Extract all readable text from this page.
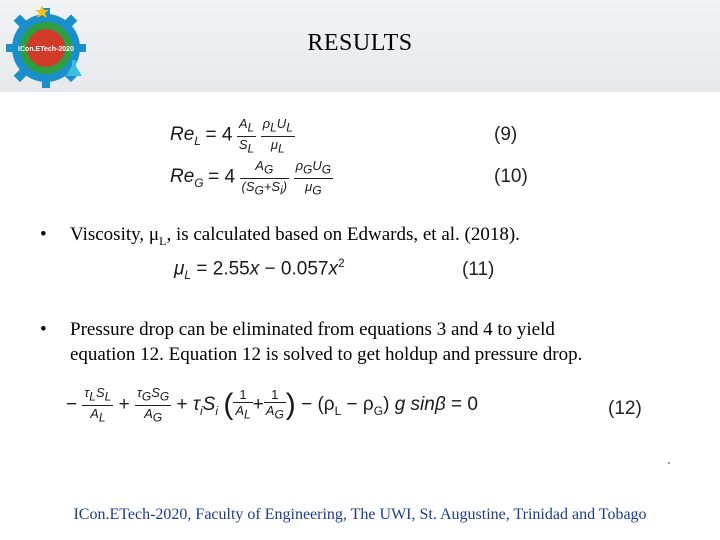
ICon.ETech-2020	RESULTS
$Re_L = 4 \frac{A_L}{S_L}$
$\frac{\rho_LU_L}{\mu_L}$	(9)
$Re_G = 4 \frac{A_G}{(S_G+S_i)}$
$\frac{\rho_GU_G}{\mu_G}$	(10)
• Viscosity, $\mu_L$, is calculated based on Edwards, et al. (2018).
$\mu_L = 2.55x - 0.057x^2$	(11)
• Pressure drop can be eliminated from equations 3 and 4 to yield
equation 12. Equation 12 is solved to get holdup and pressure drop.
− $\frac{\tau_LS_L}{A_L} + \frac{\tau_GS_G}{A_G} + \tau_iS_i$ ( $\frac{1}{A_L} + \frac{1}{A_G}$ ) − $(\rho_L - \rho_G)$ g sinβ = 0	(12)
ICon.ETech-2020, Faculty of Engineering, The UWI, St. Augustine, Trinidad and Tobago
